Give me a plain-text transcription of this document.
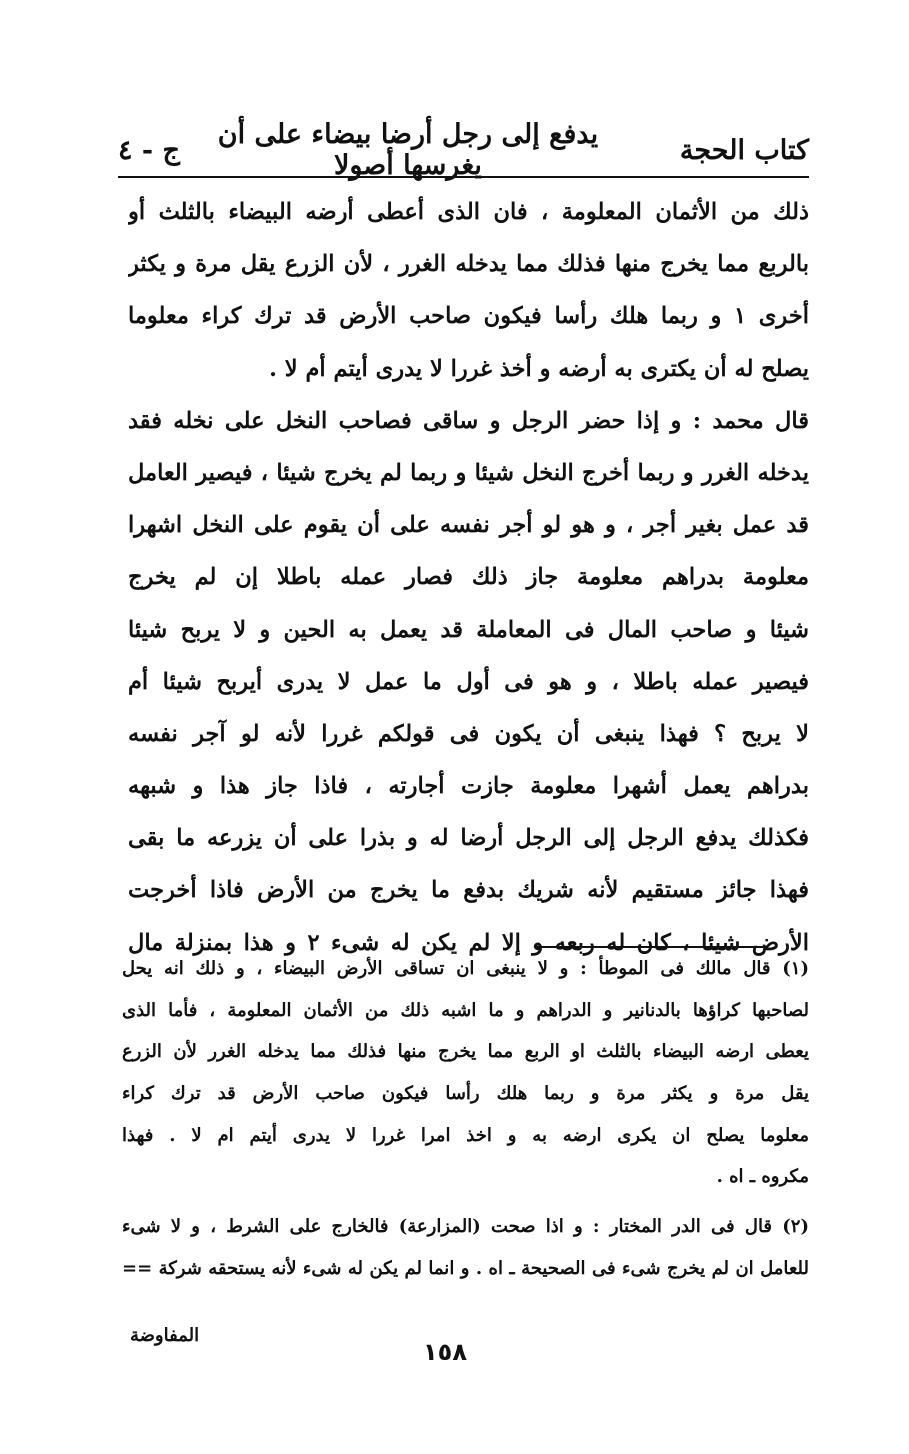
كتاب الحجة
يدفع إلى رجل أرضا بيضاء على أن يغرسها أصولا
ج - ٤
ذلك من الأثمان المعلومة ، فان الذى أعطى أرضه البيضاء بالثلث أو
بالربع مما يخرج منها فذلك مما يدخله الغرر ، لأن الزرع يقل مرة و يكثر
أخرى ١ و ربما هلك رأسا فيكون صاحب الأرض قد ترك كراء معلوما
يصلح له أن يكترى به أرضه و أخذ غررا لا يدرى أيتم أم لا .
قال محمد : و إذا حضر الرجل و ساقى فصاحب النخل على نخله فقد
يدخله الغرر و ربما أخرج النخل شيئا و ربما لم يخرج شيئا ، فيصير العامل
قد عمل بغير أجر ، و هو لو أجر نفسه على أن يقوم على النخل اشهرا
معلومة بدراهم معلومة جاز ذلك فصار عمله باطلا إن لم يخرج
شيئا و صاحب المال فى المعاملة قد يعمل به الحين و لا يربح شيئا
فيصير عمله باطلا ، و هو فى أول ما عمل لا يدرى أيربح شيئا أم
لا يربح ؟ فهذا ينبغى أن يكون فى قولكم غررا لأنه لو آجر نفسه
بدراهم يعمل أشهرا معلومة جازت أجارته ، فاذا جاز هذا و شبهه
فكذلك يدفع الرجل إلى الرجل أرضا له و بذرا على أن يزرعه ما بقى
فهذا جائز مستقيم لأنه شريك بدفع ما يخرج من الأرض فاذا أخرجت
الأرض شيئا ، كان له ربعه و إلا لم يكن له شىء ٢ و هذا بمنزلة مال
(١) قال مالك فى الموطأ : و لا ينبغى ان تساقى الأرض البيضاء ، و ذلك انه يحل
لصاحبها كراؤها بالدنانير و الدراهم و ما اشبه ذلك من الأثمان المعلومة ، فأما الذى
يعطى ارضه البيضاء بالثلث او الربع مما يخرج منها فذلك مما يدخله الغرر لأن الزرع
يقل مرة و يكثر مرة و ربما هلك رأسا فيكون صاحب الأرض قد ترك كراء
معلوما يصلح ان يكرى ارضه به و اخذ امرا غررا لا يدرى أيتم ام لا . فهذا
مكروه ـ اه .
(٢) قال فى الدر المختار : و اذا صحت (المزارعة) فالخارج على الشرط ، و لا شىء
للعامل ان لم يخرج شىء فى الصحيحة ـ اه . و انما لم يكن له شىء لأنه يستحقه شركة ==
المفاوضة
١٥٨
